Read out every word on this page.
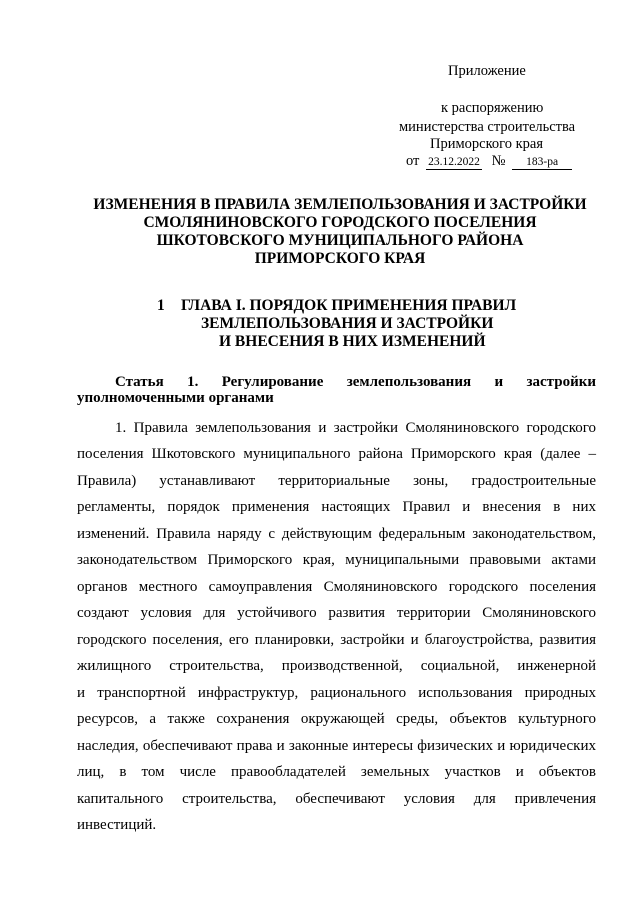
Приложение
к распоряжению
министерства строительства
Приморского края
от 23.12.2022 № 183-ра
ИЗМЕНЕНИЯ В ПРАВИЛА ЗЕМЛЕПОЛЬЗОВАНИЯ И ЗАСТРОЙКИ
СМОЛЯНИНОВСКОГО ГОРОДСКОГО ПОСЕЛЕНИЯ
ШКОТОВСКОГО МУНИЦИПАЛЬНОГО РАЙОНА
ПРИМОРСКОГО КРАЯ
1 ГЛАВА I. ПОРЯДОК ПРИМЕНЕНИЯ ПРАВИЛ
ЗЕМЛЕПОЛЬЗОВАНИЯ И ЗАСТРОЙКИ
И ВНЕСЕНИЯ В НИХ ИЗМЕНЕНИЙ
Статья 1. Регулирование землепользования и застройки
уполномоченными органами
1. Правила землепользования и застройки Смоляниновского городского
поселения Шкотовского муниципального района Приморского края (далее –
Правила) устанавливают территориальные зоны, градостроительные
регламенты, порядок применения настоящих Правил и внесения в них
изменений. Правила наряду с действующим федеральным законодательством,
законодательством Приморского края, муниципальными правовыми актами
органов местного самоуправления Смоляниновского городского поселения
создают условия для устойчивого развития территории Смоляниновского
городского поселения, его планировки, застройки и благоустройства, развития
жилищного строительства, производственной, социальной, инженерной
и транспортной инфраструктур, рационального использования природных
ресурсов, а также сохранения окружающей среды, объектов культурного
наследия, обеспечивают права и законные интересы физических и юридических
лиц, в том числе правообладателей земельных участков и объектов
капитального строительства, обеспечивают условия для привлечения
инвестиций.
